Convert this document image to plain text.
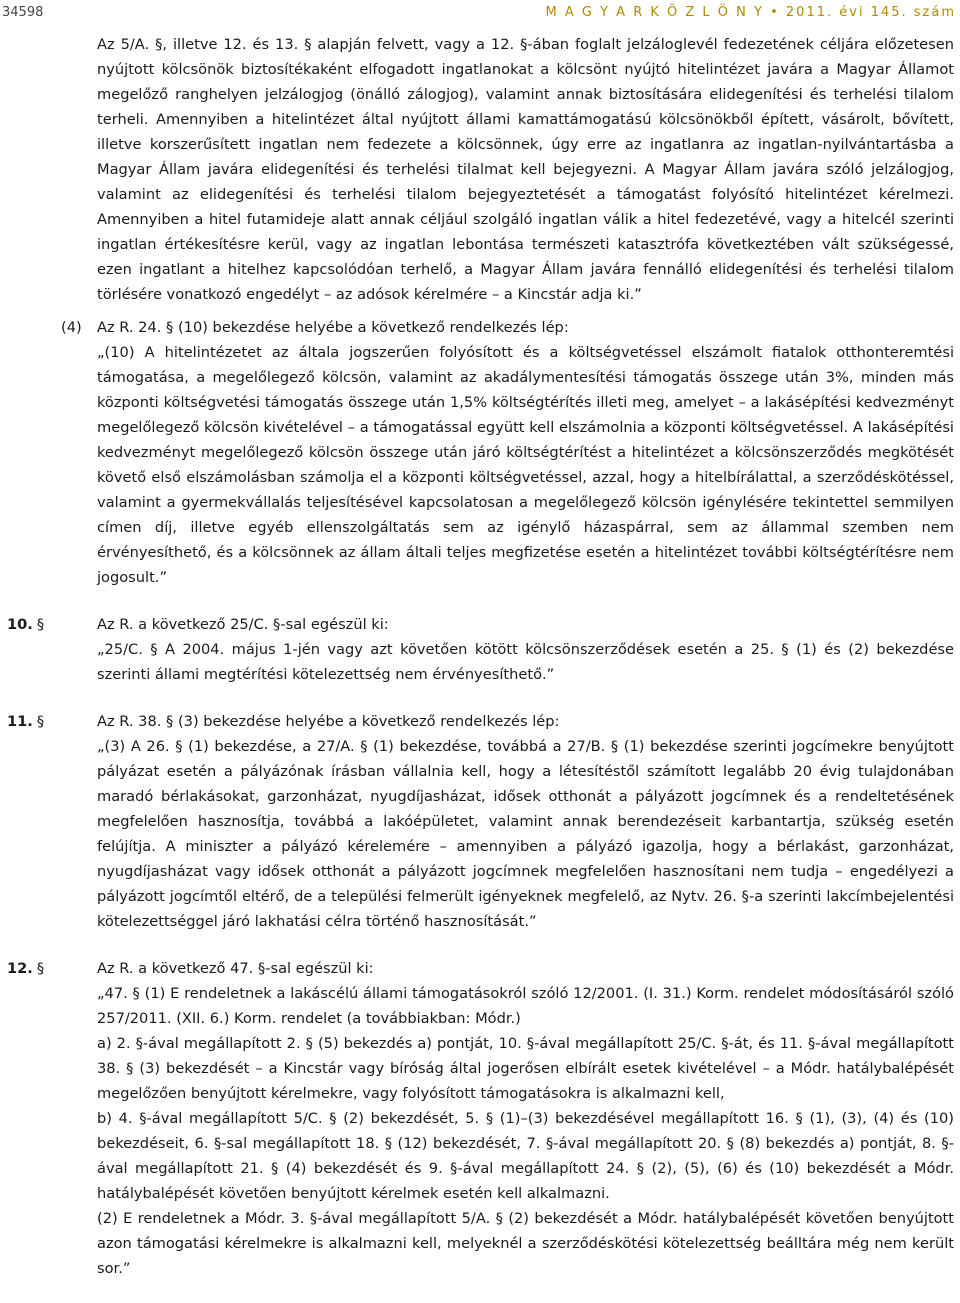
34598	M A G Y A R K Ö Z L Ö N Y • 2011. évi 145. szám
Az 5/A. §, illetve 12. és 13. § alapján felvett, vagy a 12. §-ában foglalt jelzáloglevél fedezetének céljára előzetesen nyújtott kölcsönök biztosítékaként elfogadott ingatlanokat a kölcsönt nyújtó hitelintézet javára a Magyar Államot megelőző ranghelyen jelzálogjog (önálló zálogjog), valamint annak biztosítására elidegenítési és terhelési tilalom terheli. Amennyiben a hitelintézet által nyújtott állami kamattámogatású kölcsönökből épített, vásárolt, bővített, illetve korszerűsített ingatlan nem fedezete a kölcsönnek, úgy erre az ingatlanra az ingatlan-nyilvántartásba a Magyar Állam javára elidegenítési és terhelési tilalmat kell bejegyezni. A Magyar Állam javára szóló jelzálogjog, valamint az elidegenítési és terhelési tilalom bejegyeztetését a támogatást folyósító hitelintézet kérelmezi. Amennyiben a hitel futamideje alatt annak céljául szolgáló ingatlan válik a hitel fedezetévé, vagy a hitelcél szerinti ingatlan értékesítésre kerül, vagy az ingatlan lebontása természeti katasztrófa következtében vált szükségessé, ezen ingatlant a hitelhez kapcsolódóan terhelő, a Magyar Állam javára fennálló elidegenítési és terhelési tilalom törlésére vonatkozó engedélyt – az adósok kérelmére – a Kincstár adja ki.”
(4) Az R. 24. § (10) bekezdése helyébe a következő rendelkezés lép:
„(10) A hitelintézetet az általa jogszerűen folyósított és a költségvetéssel elszámolt fiatalok otthonteremtési támogatása, a megelőlegező kölcsön, valamint az akadálymentesítési támogatás összege után 3%, minden más központi költségvetési támogatás összege után 1,5% költségtérítés illeti meg, amelyet – a lakásépítési kedvezményt megelőlegező kölcsön kivételével – a támogatással együtt kell elszámolnia a központi költségvetéssel. A lakásépítési kedvezményt megelőlegező kölcsön összege után járó költségtérítést a hitelintézet a kölcsönszerződés megkötését követő első elszámolásban számolja el a központi költségvetéssel, azzal, hogy a hitelbírálattal, a szerződéskötéssel, valamint a gyermekvállalás teljesítésével kapcsolatosan a megelőlegező kölcsön igénylésére tekintettel semmilyen címen díj, illetve egyéb ellenszolgáltatás sem az igénylő házaspárral, sem az állammal szemben nem érvényesíthető, és a kölcsönnek az állam általi teljes megfizetése esetén a hitelintézet további költségtérítésre nem jogosult.”
10. §	Az R. a következő 25/C. §-sal egészül ki:
„25/C. § A 2004. május 1-jén vagy azt követően kötött kölcsönszerződések esetén a 25. § (1) és (2) bekezdése szerinti állami megtérítési kötelezettség nem érvényesíthető.”
11. §	Az R. 38. § (3) bekezdése helyébe a következő rendelkezés lép:
„(3) A 26. § (1) bekezdése, a 27/A. § (1) bekezdése, továbbá a 27/B. § (1) bekezdése szerinti jogcímekre benyújtott pályázat esetén a pályázónak írásban vállalnia kell, hogy a létesítéstől számított legalább 20 évig tulajdonában maradó bérlakásokat, garzonházat, nyugdíjasházat, idősek otthonát a pályázott jogcímnek és a rendeltetésének megfelelően hasznosítja, továbbá a lakóépületet, valamint annak berendezéseit karbantartja, szükség esetén felújítja. A miniszter a pályázó kérelemére – amennyiben a pályázó igazolja, hogy a bérlakást, garzonházat, nyugdíjasházat vagy idősek otthonát a pályázott jogcímnek megfelelően hasznosítani nem tudja – engedélyezi a pályázott jogcímtől eltérő, de a települési felmerült igényeknek megfelelő, az Nytv. 26. §-a szerinti lakcímbejelentési kötelezettséggel járó lakhatási célra történő hasznosítását.”
12. §	Az R. a következő 47. §-sal egészül ki:
„47. § (1) E rendeletnek a lakáscélú állami támogatásokról szóló 12/2001. (I. 31.) Korm. rendelet módosításáról szóló 257/2011. (XII. 6.) Korm. rendelet (a továbbiakban: Módr.)
a) 2. §-ával megállapított 2. § (5) bekezdés a) pontját, 10. §-ával megállapított 25/C. §-át, és 11. §-ával megállapított 38. § (3) bekezdését – a Kincstár vagy bíróság által jogerősen elbírált esetek kivételével – a Módr. hatálybalépését megelőzően benyújtott kérelmekre, vagy folyósított támogatásokra is alkalmazni kell,
b) 4. §-ával megállapított 5/C. § (2) bekezdését, 5. § (1)–(3) bekezdésével megállapított 16. § (1), (3), (4) és (10) bekezdéseit, 6. §-sal megállapított 18. § (12) bekezdését, 7. §-ával megállapított 20. § (8) bekezdés a) pontját, 8. §-ával megállapított 21. § (4) bekezdését és 9. §-ával megállapított 24. § (2), (5), (6) és (10) bekezdését a Módr. hatálybalépését követően benyújtott kérelmek esetén kell alkalmazni.
(2) E rendeletnek a Módr. 3. §-ával megállapított 5/A. § (2) bekezdését a Módr. hatálybalépését követően benyújtott azon támogatási kérelmekre is alkalmazni kell, melyeknél a szerződéskötési kötelezettség beálltára még nem került sor.”
